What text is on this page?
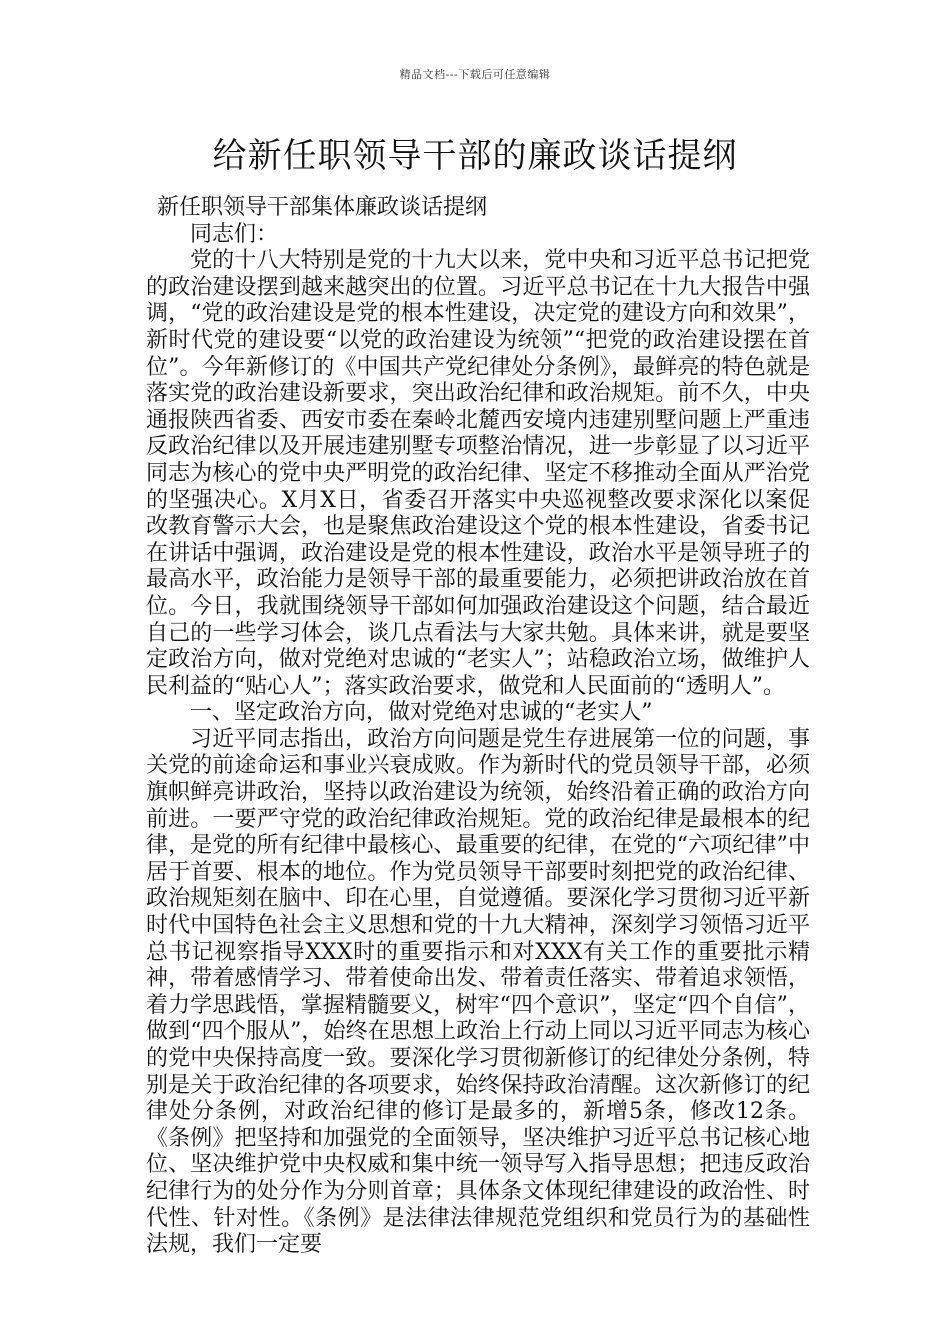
精品文档---下载后可任意编辑
给新任职领导干部的廉政谈话提纲

新任职领导干部集体廉政谈话提纲

同志们：

党的十八大特别是党的十九大以来，党中央和习近平总书记把党的政治建设摆到越来越突出的位置。习近平总书记在十九大报告中强调，“党的政治建设是党的根本性建设，决定党的建设方向和效果”，新时代党的建设要“以党的政治建设为统领”“把党的政治建设摆在首位”。今年新修订的《中国共产党纪律处分条例》，最鲜亮的特色就是落实党的政治建设新要求，突出政治纪律和政治规矩。前不久，中央通报陕西省委、西安市委在秦岭北麓西安境内违建别墅问题上严重违反政治纪律以及开展违建别墅专项整治情况，进一步彰显了以习近平同志为核心的党中央严明党的政治纪律、坚定不移推动全面从严治党的坚强决心。X月X日，省委召开落实中央巡视整改要求深化以案促改教育警示大会，也是聚焦政治建设这个党的根本性建设，省委书记在讲话中强调，政治建设是党的根本性建设，政治水平是领导班子的最高水平，政治能力是领导干部的最重要能力，必须把讲政治放在首位。今日，我就围绕领导干部如何加强政治建设这个问题，结合最近自己的一些学习体会，谈几点看法与大家共勉。具体来讲，就是要坚定政治方向，做对党绝对忠诚的“老实人”；站稳政治立场，做维护人民利益的“贴心人”；落实政治要求，做党和人民面前的“透明人”。

一、坚定政治方向，做对党绝对忠诚的“老实人”

习近平同志指出，政治方向问题是党生存进展第一位的问题，事关党的前途命运和事业兴衰成败。作为新时代的党员领导干部，必须旗帜鲜亮讲政治，坚持以政治建设为统领，始终沿着正确的政治方向前进。一要严守党的政治纪律政治规矩。党的政治纪律是最根本的纪律，是党的所有纪律中最核心、最重要的纪律，在党的“六项纪律”中居于首要、根本的地位。作为党员领导干部要时刻把党的政治纪律、政治规矩刻在脑中、印在心里，自觉遵循。要深化学习贯彻习近平新时代中国特色社会主义思想和党的十九大精神，深刻学习领悟习近平总书记视察指导XXX时的重要指示和对XXX有关工作的重要批示精神，带着感情学习、带着使命出发、带着责任落实、带着追求领悟，着力学思践悟，掌握精髓要义，树牢“四个意识”，坚定“四个自信”，做到“四个服从”，始终在思想上政治上行动上同以习近平同志为核心的党中央保持高度一致。要深化学习贯彻新修订的纪律处分条例，特别是关于政治纪律的各项要求，始终保持政治清醒。这次新修订的纪律处分条例，对政治纪律的修订是最多的，新增5条，修改12条。《条例》把坚持和加强党的全面领导，坚决维护习近平总书记核心地位、坚决维护党中央权威和集中统一领导写入指导思想；把违反政治纪律行为的处分作为分则首章；具体条文体现纪律建设的政治性、时代性、针对性。《条例》是法律法律规范党组织和党员行为的基础性法规，我们一定要
